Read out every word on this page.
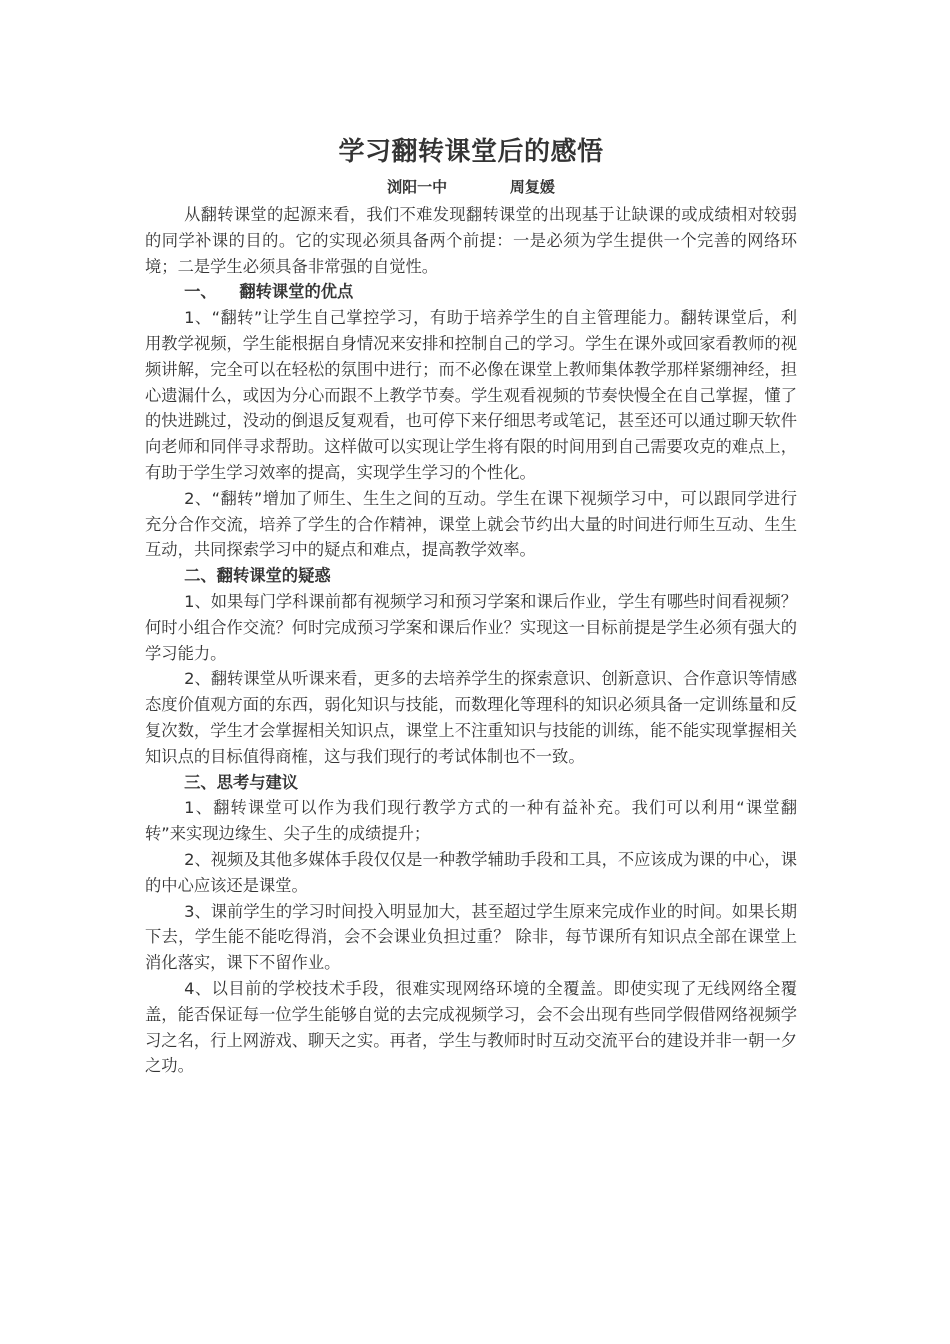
学习翻转课堂后的感悟

浏阳一中            周复媛

从翻转课堂的起源来看，我们不难发现翻转课堂的出现基于让缺课的或成绩相对较弱的同学补课的目的。它的实现必须具备两个前提：一是必须为学生提供一个完善的网络环境；二是学生必须具备非常强的自觉性。

一、    翻转课堂的优点

1、“翻转”让学生自己掌控学习，有助于培养学生的自主管理能力。翻转课堂后，利用教学视频，学生能根据自身情况来安排和控制自己的学习。学生在课外或回家看教师的视频讲解，完全可以在轻松的氛围中进行；而不必像在课堂上教师集体教学那样紧绷神经，担心遗漏什么，或因为分心而跟不上教学节奏。学生观看视频的节奏快慢全在自己掌握，懂了的快进跳过，没动的倒退反复观看，也可停下来仔细思考或笔记，甚至还可以通过聊天软件向老师和同伴寻求帮助。这样做可以实现让学生将有限的时间用到自己需要攻克的难点上，有助于学生学习效率的提高，实现学生学习的个性化。

2、“翻转”增加了师生、生生之间的互动。学生在课下视频学习中，可以跟同学进行充分合作交流，培养了学生的合作精神，课堂上就会节约出大量的时间进行师生互动、生生互动，共同探索学习中的疑点和难点，提高教学效率。

二、翻转课堂的疑惑

1、如果每门学科课前都有视频学习和预习学案和课后作业，学生有哪些时间看视频？何时小组合作交流？何时完成预习学案和课后作业？实现这一目标前提是学生必须有强大的学习能力。

2、翻转课堂从听课来看，更多的去培养学生的探索意识、创新意识、合作意识等情感态度价值观方面的东西，弱化知识与技能，而数理化等理科的知识必须具备一定训练量和反复次数，学生才会掌握相关知识点，课堂上不注重知识与技能的训练，能不能实现掌握相关知识点的目标值得商榷，这与我们现行的考试体制也不一致。

三、思考与建议

1、翻转课堂可以作为我们现行教学方式的一种有益补充。我们可以利用“课堂翻转”来实现边缘生、尖子生的成绩提升；

2、视频及其他多媒体手段仅仅是一种教学辅助手段和工具，不应该成为课的中心，课的中心应该还是课堂。

3、课前学生的学习时间投入明显加大，甚至超过学生原来完成作业的时间。如果长期下去，学生能不能吃得消，会不会课业负担过重？ 除非，每节课所有知识点全部在课堂上消化落实，课下不留作业。

4、以目前的学校技术手段，很难实现网络环境的全覆盖。即使实现了无线网络全覆盖，能否保证每一位学生能够自觉的去完成视频学习，会不会出现有些同学假借网络视频学习之名，行上网游戏、聊天之实。再者，学生与教师时时互动交流平台的建设并非一朝一夕之功。
